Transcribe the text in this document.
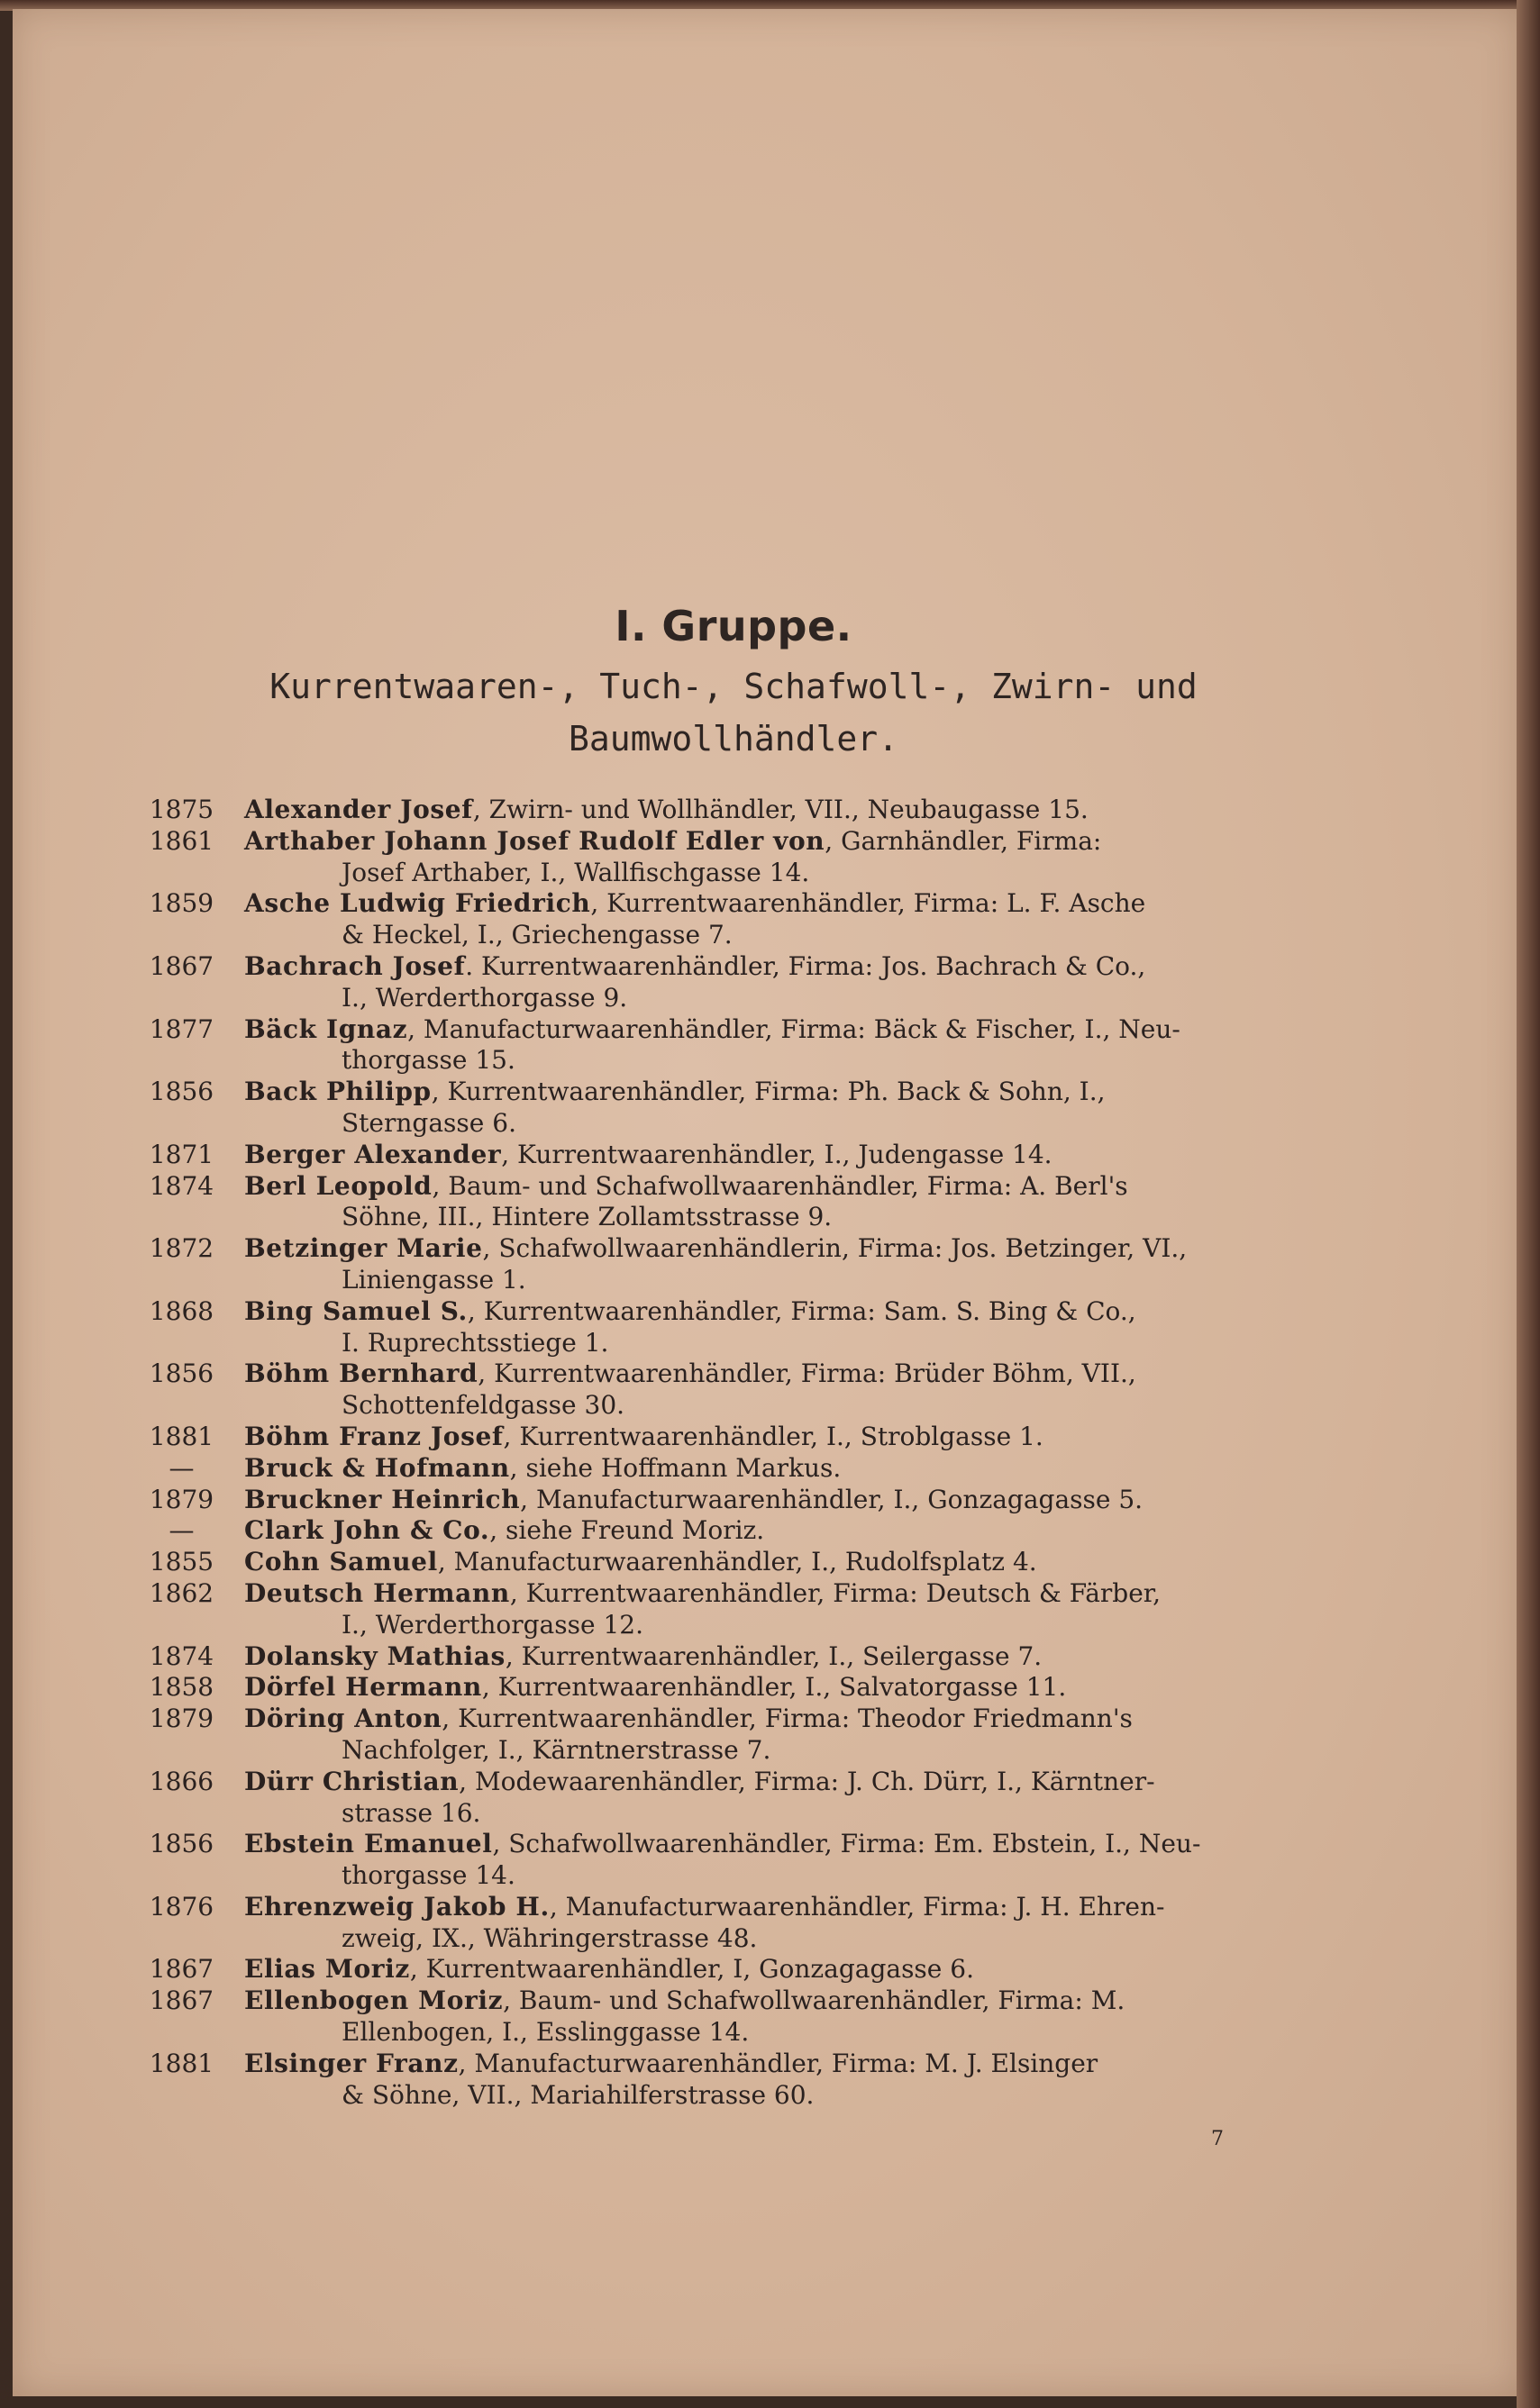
I. Gruppe.
Kurrentwaaren-, Tuch-, Schafwoll-, Zwirn- und
Baumwollhändler.
1875	Alexander Josef, Zwirn- und Wollhändler, VII., Neubaugasse 15.
1861	Arthaber Johann Josef Rudolf Edler von, Garnhändler, Firma:
Josef Arthaber, I., Wallfischgasse 14.
1859	Asche Ludwig Friedrich, Kurrentwaarenhändler, Firma: L. F. Asche
& Heckel, I., Griechengasse 7.
1867	Bachrach Josef. Kurrentwaarenhändler, Firma: Jos. Bachrach & Co.,
I., Werderthorgasse 9.
1877	Bäck Ignaz, Manufacturwaarenhändler, Firma: Bäck & Fischer, I., Neu-
thorgasse 15.
1856	Back Philipp, Kurrentwaarenhändler, Firma: Ph. Back & Sohn, I.,
Sterngasse 6.
1871	Berger Alexander, Kurrentwaarenhändler, I., Judengasse 14.
1874	Berl Leopold, Baum- und Schafwollwaarenhändler, Firma: A. Berl's
Söhne, III., Hintere Zollamtsstrasse 9.
1872	Betzinger Marie, Schafwollwaarenhändlerin, Firma: Jos. Betzinger, VI.,
Liniengasse 1.
1868	Bing Samuel S., Kurrentwaarenhändler, Firma: Sam. S. Bing & Co.,
I. Ruprechtsstiege 1.
1856	Böhm Bernhard, Kurrentwaarenhändler, Firma: Brüder Böhm, VII.,
Schottenfeldgasse 30.
1881	Böhm Franz Josef, Kurrentwaarenhändler, I., Stroblgasse 1.
—	Bruck & Hofmann, siehe Hoffmann Markus.
1879	Bruckner Heinrich, Manufacturwaarenhändler, I., Gonzagagasse 5.
—	Clark John & Co., siehe Freund Moriz.
1855	Cohn Samuel, Manufacturwaarenhändler, I., Rudolfsplatz 4.
1862	Deutsch Hermann, Kurrentwaarenhändler, Firma: Deutsch & Färber,
I., Werderthorgasse 12.
1874	Dolansky Mathias, Kurrentwaarenhändler, I., Seilergasse 7.
1858	Dörfel Hermann, Kurrentwaarenhändler, I., Salvatorgasse 11.
1879	Döring Anton, Kurrentwaarenhändler, Firma: Theodor Friedmann's
Nachfolger, I., Kärntnerstrasse 7.
1866	Dürr Christian, Modewaarenhändler, Firma: J. Ch. Dürr, I., Kärntner-
strasse 16.
1856	Ebstein Emanuel, Schafwollwaarenhändler, Firma: Em. Ebstein, I., Neu-
thorgasse 14.
1876	Ehrenzweig Jakob H., Manufacturwaarenhändler, Firma: J. H. Ehren-
zweig, IX., Währingerstrasse 48.
1867	Elias Moriz, Kurrentwaarenhändler, I, Gonzagagasse 6.
1867	Ellenbogen Moriz, Baum- und Schafwollwaarenhändler, Firma: M.
Ellenbogen, I., Esslinggasse 14.
1881	Elsinger Franz, Manufacturwaarenhändler, Firma: M. J. Elsinger
& Söhne, VII., Mariahilferstrasse 60.
7
